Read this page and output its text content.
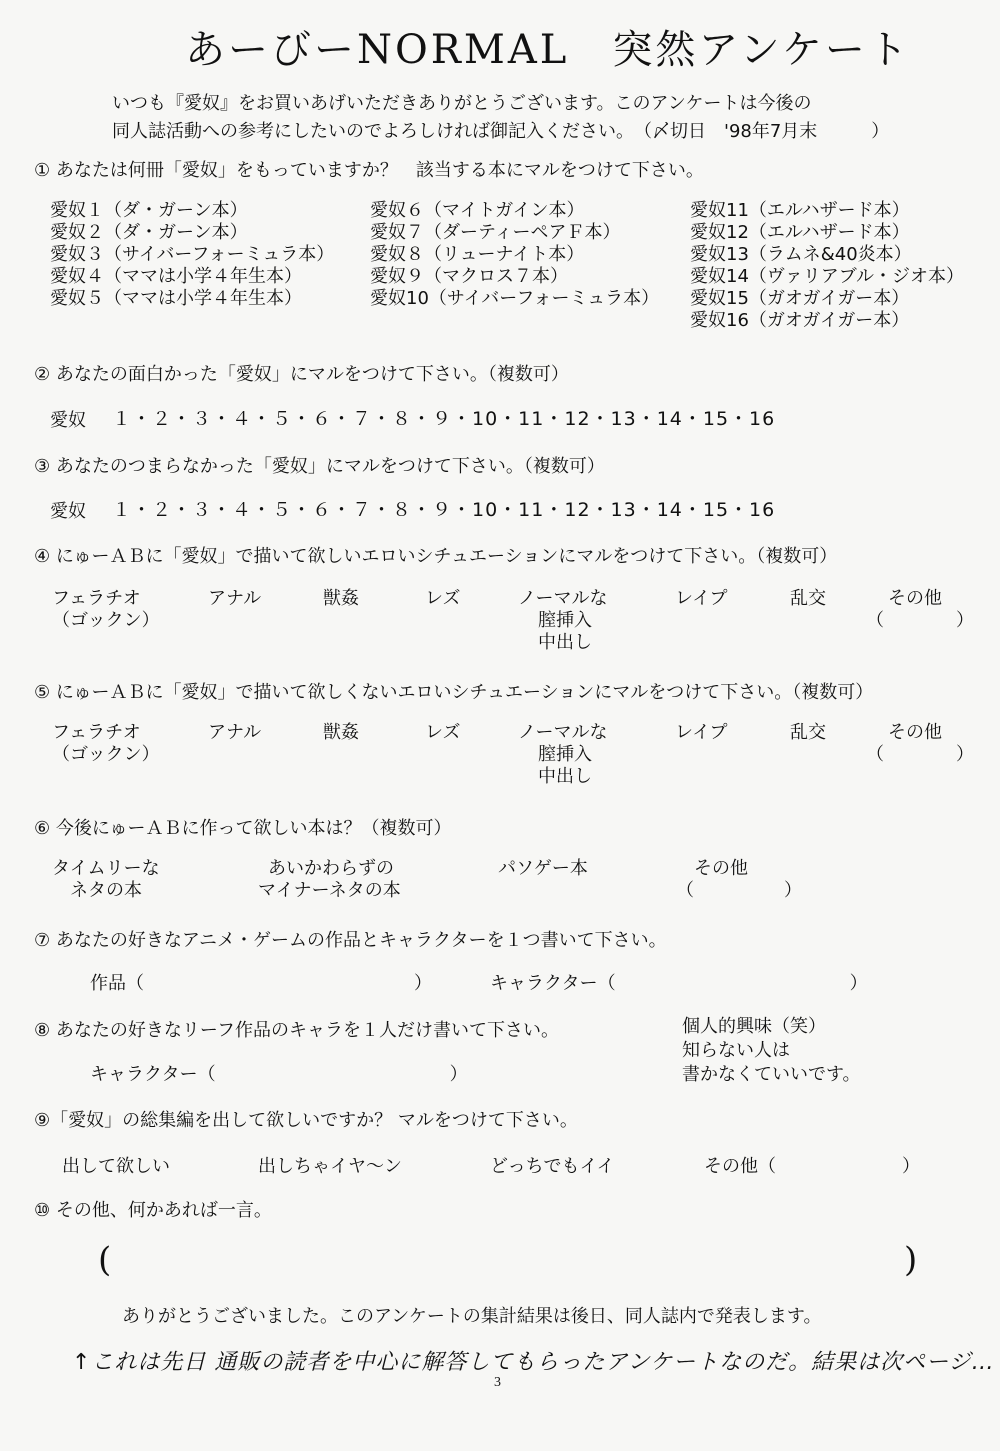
あーびーNORMAL　突然アンケート
いつも『愛奴』をお買いあげいただきありがとうございます。このアンケートは今後の
同人誌活動への参考にしたいのでよろしければ御記入ください。　（〆切日　'98年7月末　　　）
① あなたは何冊「愛奴」をもっていますか？　該当する本にマルをつけて下さい。
愛奴１（ダ・ガーン本）
愛奴２（ダ・ガーン本）
愛奴３（サイバーフォーミュラ本）
愛奴４（ママは小学４年生本）
愛奴５（ママは小学４年生本）
愛奴６（マイトガイン本）
愛奴７（ダーティーペアＦ本）
愛奴８（リューナイト本）
愛奴９（マクロス７本）
愛奴10（サイバーフォーミュラ本）
愛奴11（エルハザード本）
愛奴12（エルハザード本）
愛奴13（ラムネ&40炎本）
愛奴14（ヴァリアブル・ジオ本）
愛奴15（ガオガイガー本）
愛奴16（ガオガイガー本）
② あなたの面白かった「愛奴」にマルをつけて下さい。（複数可）
愛奴 １・２・３・４・５・６・７・８・９・10・11・12・13・14・15・16
③ あなたのつまらなかった「愛奴」にマルをつけて下さい。（複数可）
愛奴 １・２・３・４・５・６・７・８・９・10・11・12・13・14・15・16
④ にゅーＡＢに「愛奴」で描いて欲しいエロいシチュエーションにマルをつけて下さい。（複数可）
フェラチオ
（ゴックン）
アナル	獣姦	レズ	ノーマルな
膣挿入
中出し
レイプ	乱交	その他
（　　　　）
⑤ にゅーＡＢに「愛奴」で描いて欲しくないエロいシチュエーションにマルをつけて下さい。（複数可）
フェラチオ
（ゴックン）
アナル	獣姦	レズ	ノーマルな
膣挿入
中出し
レイプ	乱交	その他
（　　　　）
⑥ 今後にゅーＡＢに作って欲しい本は？（複数可）
タイムリーな
ネタの本
あいかわらずの
マイナーネタの本
パソゲー本	その他
（　　　　　）
⑦ あなたの好きなアニメ・ゲームの作品とキャラクターを１つ書いて下さい。
作品（　　　　　　　　　　　　　　　）	キャラクター（　　　　　　　　　　　　　）
⑧ あなたの好きなリーフ作品のキャラを１人だけ書いて下さい。
キャラクター（　　　　　　　　　　　　　）
個人的興味（笑）
知らない人は
書かなくていいです。
⑨「愛奴」の総集編を出して欲しいですか？ マルをつけて下さい。
出して欲しい	出しちゃイヤ〜ン	どっちでもイイ	その他（　　　　　　　）
⑩ その他、何かあれば一言。
(	)
ありがとうございました。このアンケートの集計結果は後日、同人誌内で発表します。
↑これは先日 通販の読者を中心に解答してもらったアンケートなのだ。結果は次ページ…
3
